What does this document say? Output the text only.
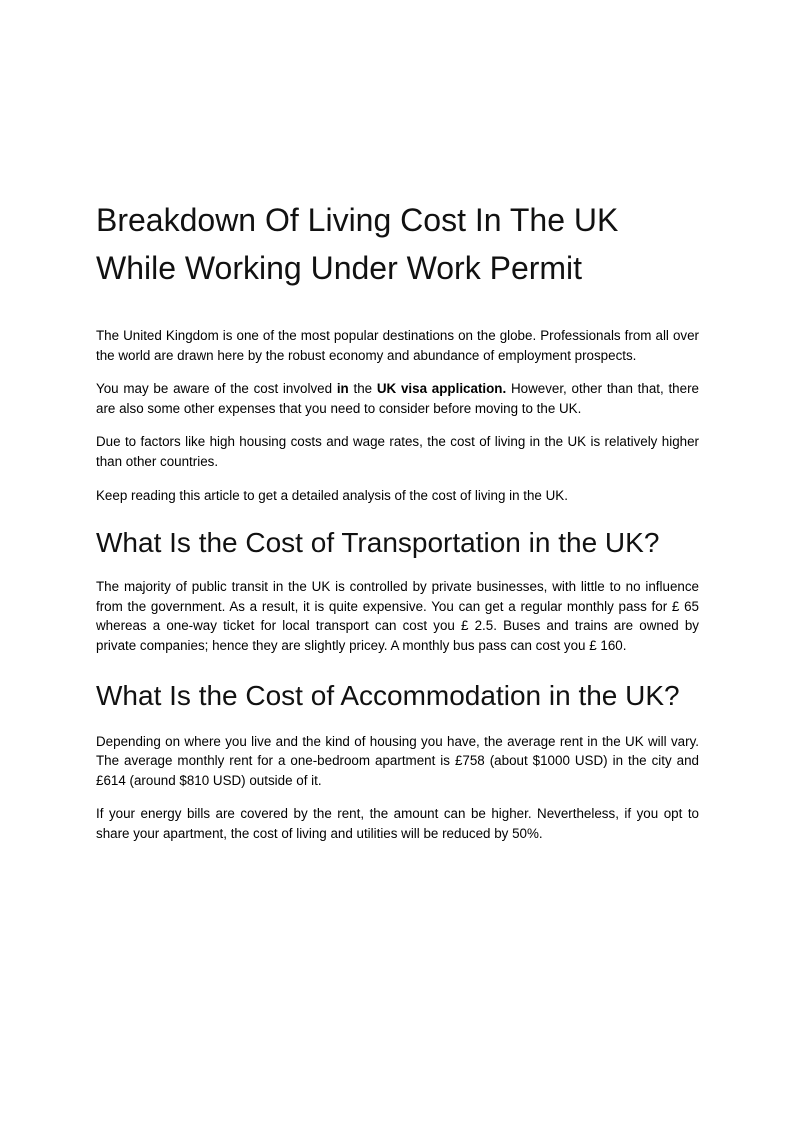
Breakdown Of Living Cost In The UK While Working Under Work Permit

The United Kingdom is one of the most popular destinations on the globe. Professionals from all over the world are drawn here by the robust economy and abundance of employment prospects.

You may be aware of the cost involved in the UK visa application. However, other than that, there are also some other expenses that you need to consider before moving to the UK.

Due to factors like high housing costs and wage rates, the cost of living in the UK is relatively higher than other countries.

Keep reading this article to get a detailed analysis of the cost of living in the UK.

What Is the Cost of Transportation in the UK?

The majority of public transit in the UK is controlled by private businesses, with little to no influence from the government. As a result, it is quite expensive. You can get a regular monthly pass for £ 65 whereas a one-way ticket for local transport can cost you £ 2.5. Buses and trains are owned by private companies; hence they are slightly pricey. A monthly bus pass can cost you £ 160.

What Is the Cost of Accommodation in the UK?

Depending on where you live and the kind of housing you have, the average rent in the UK will vary. The average monthly rent for a one-bedroom apartment is £758 (about $1000 USD) in the city and £614 (around $810 USD) outside of it.

If your energy bills are covered by the rent, the amount can be higher. Nevertheless, if you opt to share your apartment, the cost of living and utilities will be reduced by 50%.
